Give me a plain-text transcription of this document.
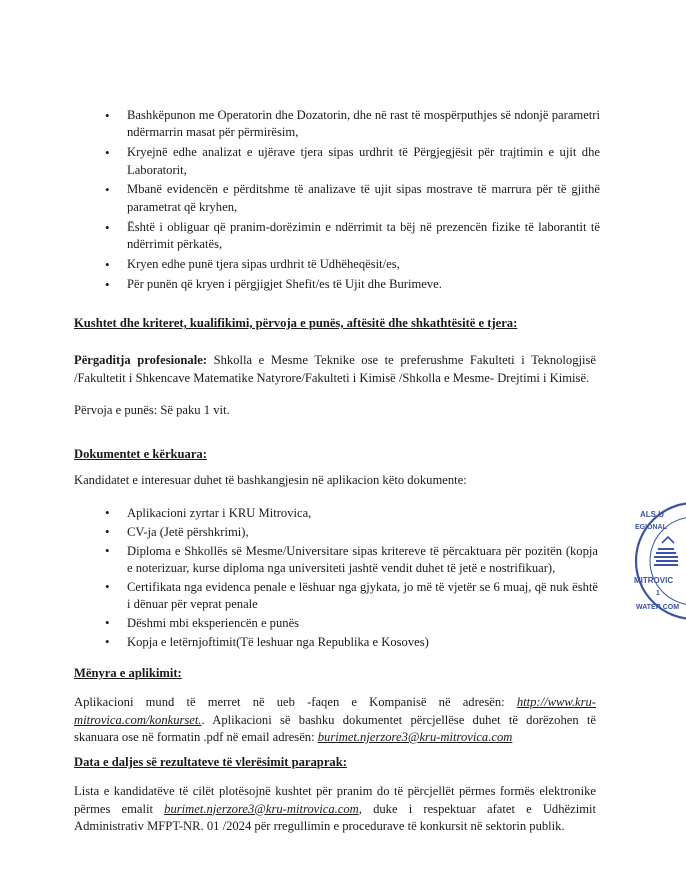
• Bashkëpunon me Operatorin dhe Dozatorin, dhe në rast të mospërputhjes së ndonjë parametri ndërmarrin masat për përmirësim,
• Kryejnë edhe analizat e ujërave tjera sipas urdhrit të Përgjegjësit për trajtimin e ujit dhe Laboratorit,
• Mbanë evidencën e përditshme të analizave të ujit sipas mostrave të marrura për të gjithë parametrat që kryhen,
• Është i obliguar që pranim-dorëzimin e ndërrimit ta bëj në prezencën fizike të laborantit të ndërrimit përkatës,
• Kryen edhe punë tjera sipas urdhrit të Udhëheqësit/es,
• Për punën që kryen i përgjigjet Shefit/es të Ujit dhe Burimeve.
Kushtet dhe kriteret, kualifikimi, përvoja e punës, aftësitë dhe shkathtësitë e tjera:
Përgaditja profesionale: Shkolla e Mesme Teknike ose te preferushme Fakulteti i Teknologjisë /Fakultetit i Shkencave Matematike Natyrore/Fakulteti i Kimisë /Shkolla e Mesme- Drejtimi i Kimisë.
Përvoja e punës: Së paku 1 vit.
Dokumentet e kërkuara:
Kandidatet e interesuar duhet të bashkangjesin në aplikacion këto dokumente:
• Aplikacioni zyrtar i KRU Mitrovica,
• CV-ja (Jetë përshkrimi),
• Diploma e Shkollës së Mesme/Universitare sipas kritereve të përcaktuara për pozitën (kopja e noterizuar, kurse diploma nga universiteti jashtë vendit duhet të jetë e nostrifikuar),
• Certifikata nga evidenca penale e lëshuar nga gjykata, jo më të vjetër se 6 muaj, që nuk është i dënuar për veprat penale
• Dëshmi mbi eksperiencën e punës
• Kopja e letërnjoftimit(Të leshuar nga Republika e Kosoves)
Mënyra e aplikimit:
Aplikacioni mund të merret në ueb -faqen e Kompanisë në adresën: http://www.kru-mitrovica.com/konkurset.. Aplikacioni së bashku dokumentet përcjellëse duhet të dorëzohen të skanuara ose në formatin .pdf në email adresën: burimet.njerzore3@kru-mitrovica.com
Data e daljes së rezultateve të vlerësimit paraprak:
Lista e kandidatëve të cilët plotësojnë kushtet për pranim do të përcjellët përmes formës elektronike përmes emalit burimet.njerzore3@kru-mitrovica.com, duke i respektuar afatet e Udhëzimit Administrativ MFPT-NR. 01 /2024 për rregullimin e procedurave të konkursit në sektorin publik.
ALS U
EGIONAL
MITROVIC
1
WATER COM
